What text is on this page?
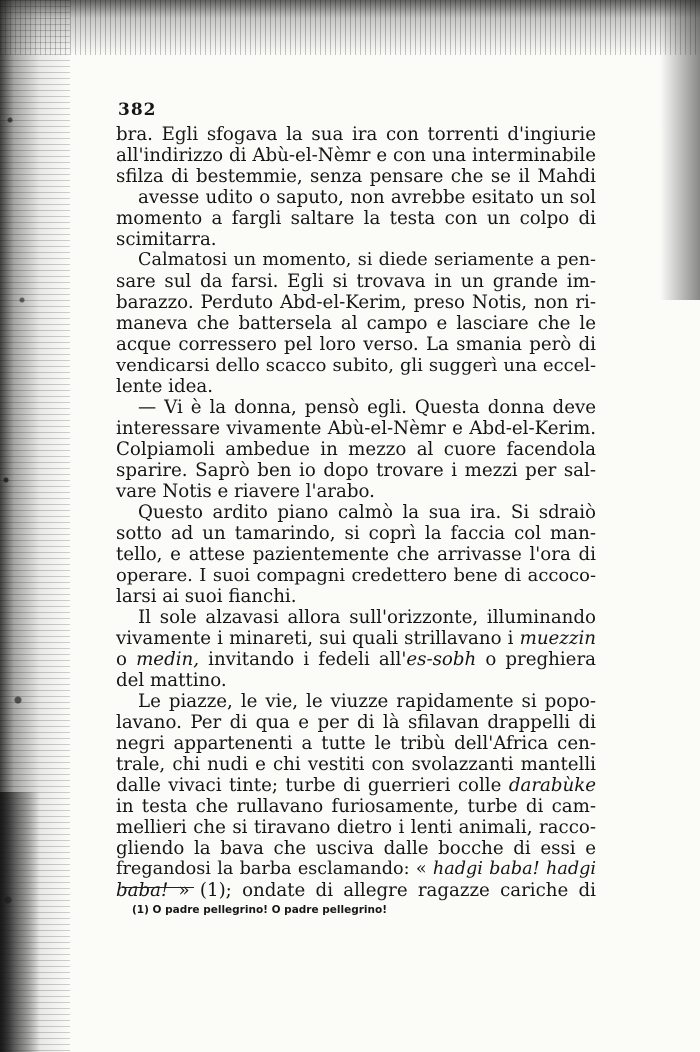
382
bra. Egli sfogava la sua ira con torrenti d'ingiurie
all'indirizzo di Abù-el-Nèmr e con una interminabile
sfilza di bestemmie, senza pensare che se il Mahdi
avesse udito o saputo, non avrebbe esitato un sol
momento a fargli saltare la testa con un colpo di
scimitarra.
Calmatosi un momento, si diede seriamente a pen-
sare sul da farsi. Egli si trovava in un grande im-
barazzo. Perduto Abd-el-Kerim, preso Notis, non ri-
maneva che battersela al campo e lasciare che le
acque corressero pel loro verso. La smania però di
vendicarsi dello scacco subito, gli suggerì una eccel-
lente idea.
— Vi è la donna, pensò egli. Questa donna deve
interessare vivamente Abù-el-Nèmr e Abd-el-Kerim.
Colpiamoli ambedue in mezzo al cuore facendola
sparire. Saprò ben io dopo trovare i mezzi per sal-
vare Notis e riavere l'arabo.
Questo ardito piano calmò la sua ira. Si sdraiò
sotto ad un tamarindo, si coprì la faccia col man-
tello, e attese pazientemente che arrivasse l'ora di
operare. I suoi compagni credettero bene di accoco-
larsi ai suoi fianchi.
Il sole alzavasi allora sull'orizzonte, illuminando
vivamente i minareti, sui quali strillavano i muezzin
o medin, invitando i fedeli all'es-sobh o preghiera
del mattino.
Le piazze, le vie, le viuzze rapidamente si popo-
lavano. Per di qua e per di là sfilavan drappelli di
negri appartenenti a tutte le tribù dell'Africa cen-
trale, chi nudi e chi vestiti con svolazzanti mantelli
dalle vivaci tinte; turbe di guerrieri colle darabùke
in testa che rullavano furiosamente, turbe di cam-
mellieri che si tiravano dietro i lenti animali, racco-
gliendo la bava che usciva dalle bocche di essi e
fregandosi la barba esclamando: « hadgi baba! hadgi
baba! » (1); ondate di allegre ragazze cariche di
(1) O padre pellegrino! O padre pellegrino!
